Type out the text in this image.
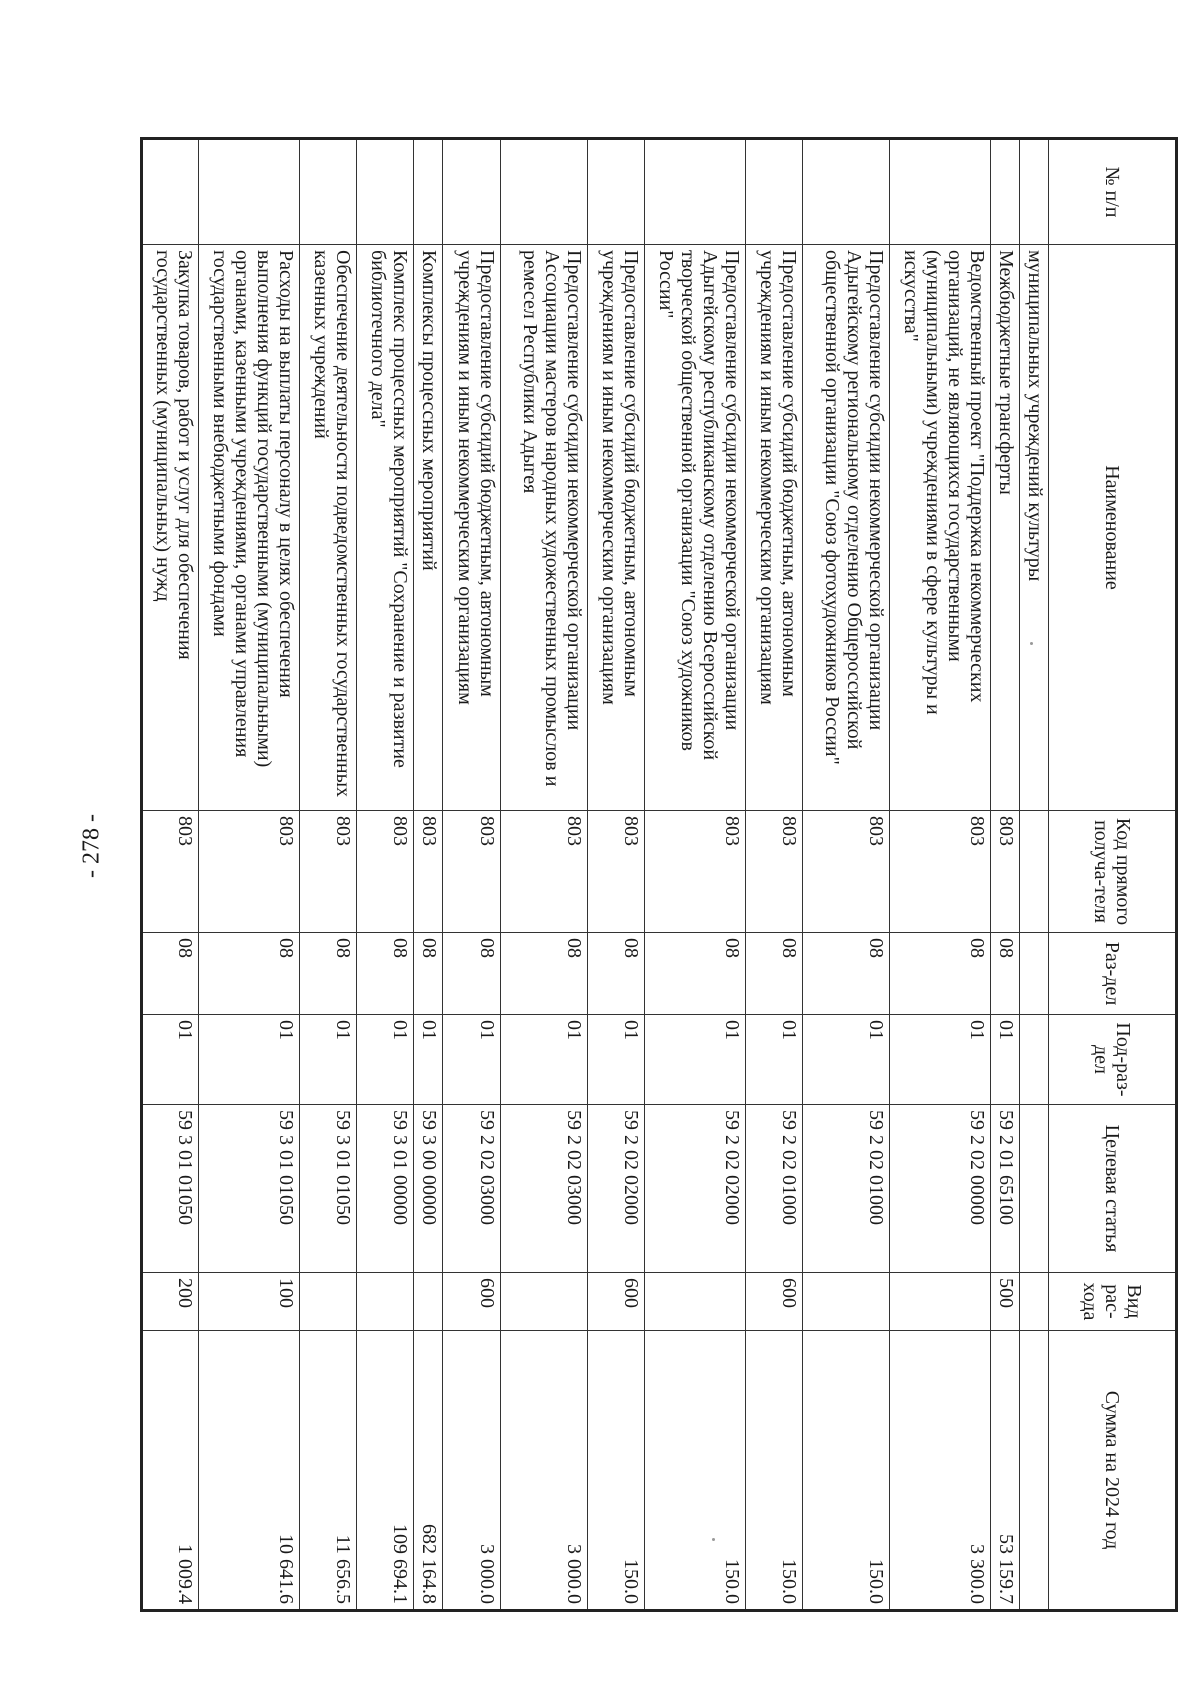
- 278 -
№ п/п	Наименование	Код прямого получа-теля	Раз-дел	Под-раз-дел	Целевая статья	Вид рас-хода	Сумма на 2024 год
	муниципальных учреждений культуры						
	Межбюджетные трансферты	803	08	01	59 2 01 65100	500	53 159.7
	Ведомственный проект "Поддержка некоммерческих организаций, не являющихся государственными (муниципальными) учреждениями в сфере культуры и искусства"	803	08	01	59 2 02 00000		3 300.0
	Предоставление субсидии некоммерческой организации Адыгейскому региональному отделению Общероссийской общественной организации "Союз фотохудожников России"	803	08	01	59 2 02 01000		150.0
	Предоставление субсидий бюджетным, автономным учреждениям и иным некоммерческим организациям	803	08	01	59 2 02 01000	600	150.0
	Предоставление субсидии некоммерческой организации Адыгейскому республиканскому отделению Всероссийской творческой общественной организации "Союз художников России"	803	08	01	59 2 02 02000		150.0
	Предоставление субсидий бюджетным, автономным учреждениям и иным некоммерческим организациям	803	08	01	59 2 02 02000	600	150.0
	Предоставление субсидии некоммерческой организации Ассоциации мастеров народных художественных промыслов и ремесел Республики Адыгея	803	08	01	59 2 02 03000		3 000.0
	Предоставление субсидий бюджетным, автономным учреждениям и иным некоммерческим организациям	803	08	01	59 2 02 03000	600	3 000.0
	Комплексы процессных мероприятий	803	08	01	59 3 00 00000		682 164.8
	Комплекс процессных мероприятий "Сохранение и развитие библиотечного дела"	803	08	01	59 3 01 00000		109 694.1
	Обеспечение деятельности подведомственных государственных казенных учреждений	803	08	01	59 3 01 01050		11 656.5
	Расходы на выплаты персоналу в целях обеспечения выполнения функций государственными (муниципальными) органами, казенными учреждениями, органами управления государственными внебюджетными фондами	803	08	01	59 3 01 01050	100	10 641.6
	Закупка товаров, работ и услуг для обеспечения государственных (муниципальных) нужд	803	08	01	59 3 01 01050	200	1 009.4
